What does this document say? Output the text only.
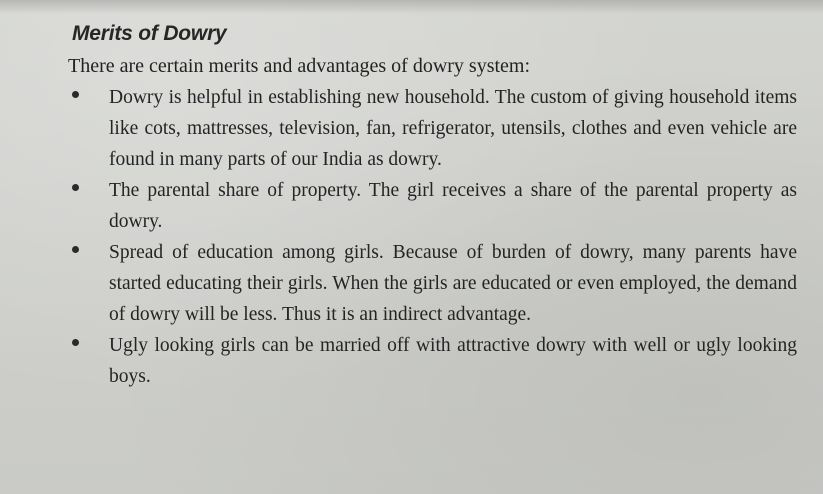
Merits of Dowry

There are certain merits and advantages of dowry system:

Dowry is helpful in establishing new household. The custom of giving household items like cots, mattresses, television, fan, refrigerator, utensils, clothes and even vehicle are found in many parts of our India as dowry.
The parental share of property. The girl receives a share of the parental property as dowry.
Spread of education among girls. Because of burden of dowry, many parents have started educating their girls. When the girls are educated or even employed, the demand of dowry will be less. Thus it is an indirect advantage.
Ugly looking girls can be married off with attractive dowry with well or ugly looking boys.
